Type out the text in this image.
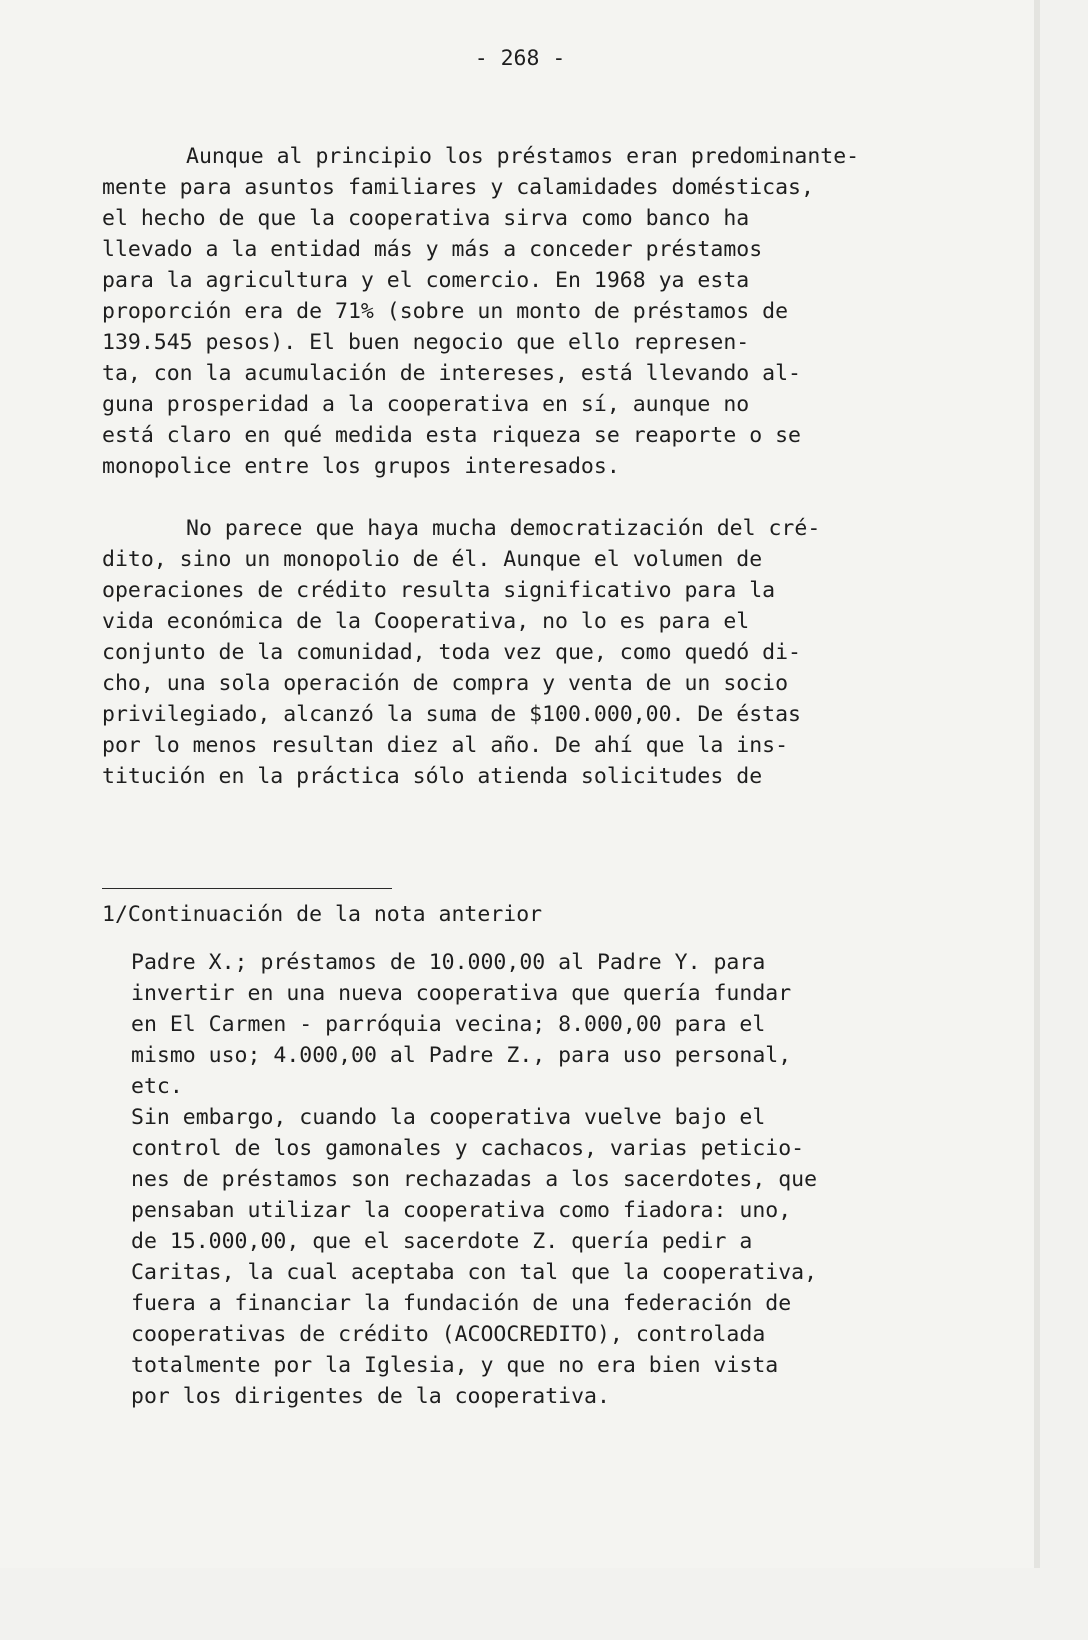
- 268 -

Aunque al principio los préstamos eran predominante-

mente para asuntos familiares y calamidades domésticas,

el hecho de que la cooperativa sirva como banco ha

llevado a la entidad más y más a conceder préstamos

para la agricultura y el comercio. En 1968 ya esta

proporción era de 71% (sobre un monto de préstamos de

139.545 pesos). El buen negocio que ello represen-

ta, con la acumulación de intereses, está llevando al-

guna prosperidad a la cooperativa en sí, aunque no

está claro en qué medida esta riqueza se reaporte o se

monopolice entre los grupos interesados.

No parece que haya mucha democratización del cré-

dito, sino un monopolio de él. Aunque el volumen de

operaciones de crédito resulta significativo para la

vida económica de la Cooperativa, no lo es para el

conjunto de la comunidad, toda vez que, como quedó di-

cho, una sola operación de compra y venta de un socio

privilegiado, alcanzó la suma de $100.000,00. De éstas

por lo menos resultan diez al año. De ahí que la ins-

titución en la práctica sólo atienda solicitudes de

1/Continuación de la nota anterior

Padre X.; préstamos de 10.000,00 al Padre Y. para

invertir en una nueva cooperativa que quería fundar

en El Carmen - parróquia vecina; 8.000,00 para el

mismo uso; 4.000,00 al Padre Z., para uso personal,

etc.

Sin embargo, cuando la cooperativa vuelve bajo el

control de los gamonales y cachacos, varias peticio-

nes de préstamos son rechazadas a los sacerdotes, que

pensaban utilizar la cooperativa como fiadora: uno,

de 15.000,00, que el sacerdote Z. quería pedir a

Caritas, la cual aceptaba con tal que la cooperativa,

fuera a financiar la fundación de una federación de

cooperativas de crédito (ACOOCREDITO), controlada

totalmente por la Iglesia, y que no era bien vista

por los dirigentes de la cooperativa.
